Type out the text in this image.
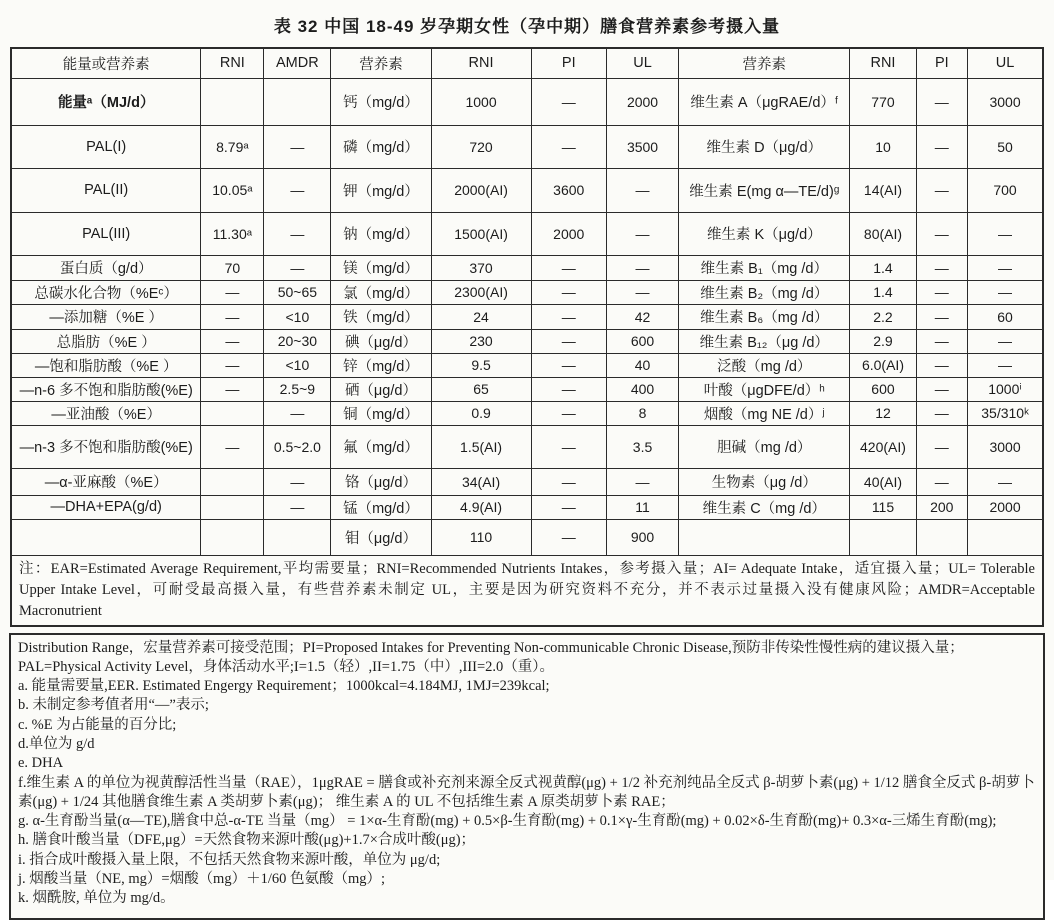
表 32 中国 18-49 岁孕期女性（孕中期）膳食营养素参考摄入量
能量或营养素	RNI	AMDR	营养素	RNI	PI	UL	营养素	RNI	PI	UL
能量ᵃ（MJ/d）			钙（mg/d）	1000	—	2000	维生素 A（μgRAE/d）ᶠ	770	—	3000
PAL(I)	8.79ᵃ	—	磷（mg/d）	720	—	3500	维生素 D（μg/d）	10	—	50
PAL(II)	10.05ᵃ	—	钾（mg/d）	2000(AI)	3600	—	维生素 E(mg α—TE/d)ᵍ	14(AI)	—	700
PAL(III)	11.30ᵃ	—	钠（mg/d）	1500(AI)	2000	—	维生素 K（μg/d）	80(AI)	—	—
蛋白质（g/d）	70	—	镁（mg/d）	370	—	—	维生素 B₁（mg /d）	1.4	—	—
总碳水化合物（%Eᶜ）	—	50~65	氯（mg/d）	2300(AI)	—	—	维生素 B₂（mg /d）	1.4	—	—
—添加糖（%E ）	—	<10	铁（mg/d）	24	—	42	维生素 B₆（mg /d）	2.2	—	60
总脂肪（%E ）	—	20~30	碘（μg/d）	230	—	600	维生素 B₁₂（μg /d）	2.9	—	—
—饱和脂肪酸（%E ）	—	<10	锌（mg/d）	9.5	—	40	泛酸（mg /d）	6.0(AI)	—	—
—n-6 多不饱和脂肪酸(%E)	—	2.5~9	硒（μg/d）	65	—	400	叶酸（μgDFE/d）ʰ	600	—	1000ⁱ
—亚油酸（%E）		—	铜（mg/d）	0.9	—	8	烟酸（mg NE /d）ʲ	12	—	35/310ᵏ
—n-3 多不饱和脂肪酸(%E)	—	0.5~2.0	氟（mg/d）	1.5(AI)	—	3.5	胆碱（mg /d）	420(AI)	—	3000
—α-亚麻酸（%E）		—	铬（μg/d）	34(AI)	—	—	生物素（μg /d）	40(AI)	—	—
—DHA+EPA(g/d)		—	锰（mg/d）	4.9(AI)	—	11	维生素 C（mg /d）	115	200	2000
			钼（μg/d）	110	—	900				
注：EAR=Estimated Average Requirement,平均需要量；RNI=Recommended Nutrients Intakes，参考摄入量；AI= Adequate Intake，适宜摄入量；UL= Tolerable Upper Intake Level，可耐受最高摄入量，有些营养素未制定 UL，主要是因为研究资料不充分，并不表示过量摄入没有健康风险；AMDR=Acceptable Macronutrient										

Distribution Range，宏量营养素可接受范围；PI=Proposed Intakes for Preventing Non-communicable Chronic Disease,预防非传染性慢性病的建议摄入量；PAL=Physical Activity Level，身体活动水平;I=1.5（轻）,II=1.75（中）,III=2.0（重）。

a. 能量需要量,EER. Estimated Engergy Requirement；1000kcal=4.184MJ, 1MJ=239kcal;

b. 未制定参考值者用“—”表示;

c. %E 为占能量的百分比;

d.单位为 g/d

e. DHA

f.维生素 A 的单位为视黄醇活性当量（RAE），1μgRAE = 膳食或补充剂来源全反式视黄醇(μg) + 1/2 补充剂纯品全反式 β-胡萝卜素(μg) + 1/12 膳食全反式 β-胡萝卜素(μg) + 1/24 其他膳食维生素 A 类胡萝卜素(μg)； 维生素 A 的 UL 不包括维生素 A 原类胡萝卜素 RAE；

g. α-生育酚当量(α—TE),膳食中总-α-TE 当量（mg） = 1×α-生育酚(mg) + 0.5×β-生育酚(mg) + 0.1×γ-生育酚(mg) + 0.02×δ-生育酚(mg)+ 0.3×α-三烯生育酚(mg);

h. 膳食叶酸当量（DFE,μg）=天然食物来源叶酸(μg)+1.7×合成叶酸(μg)；

i. 指合成叶酸摄入量上限，不包括天然食物来源叶酸，单位为 μg/d;

j. 烟酸当量（NE, mg）=烟酸（mg）＋1/60 色氨酸（mg）;

k. 烟酰胺, 单位为 mg/d。
